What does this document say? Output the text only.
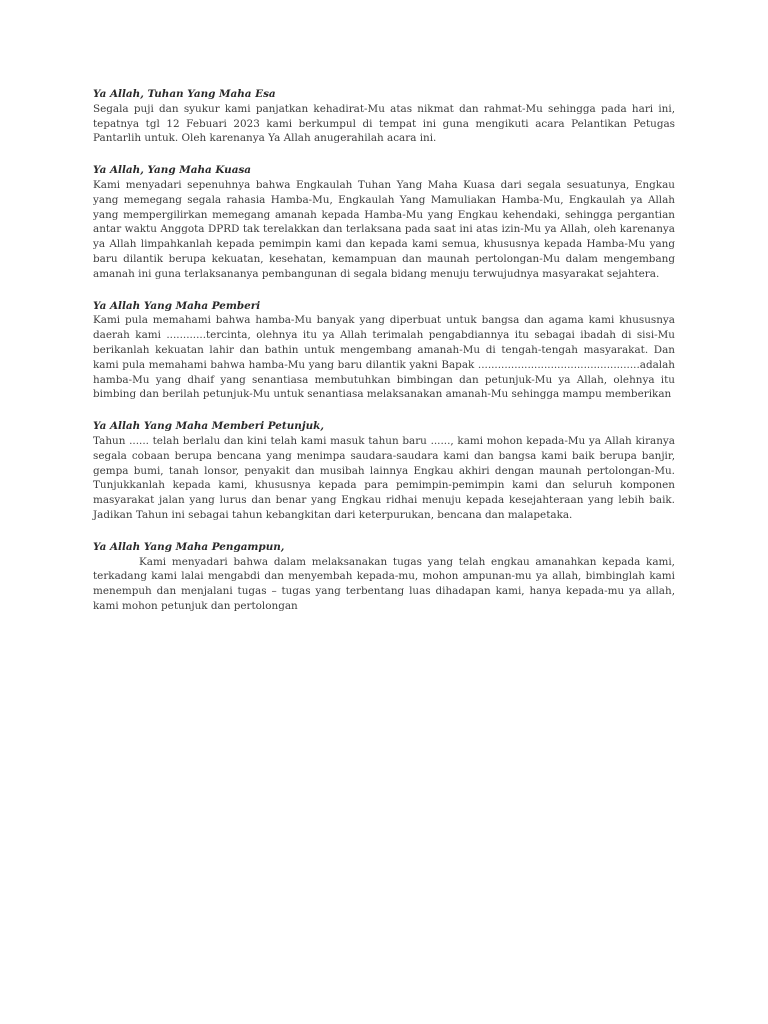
Ya Allah, Tuhan Yang Maha Esa

Segala puji dan syukur kami panjatkan kehadirat-Mu atas nikmat dan rahmat-Mu sehingga pada hari ini, tepatnya tgl 12 Febuari 2023 kami berkumpul di tempat ini guna mengikuti acara Pelantikan Petugas Pantarlih untuk. Oleh karenanya Ya Allah anugerahilah acara ini.

Ya Allah, Yang Maha Kuasa

Kami menyadari sepenuhnya bahwa Engkaulah Tuhan Yang Maha Kuasa dari segala sesuatunya, Engkau yang memegang segala rahasia Hamba-Mu, Engkaulah Yang Mamuliakan Hamba-Mu, Engkaulah ya Allah yang mempergilirkan memegang amanah kepada Hamba-Mu yang Engkau kehendaki, sehingga pergantian antar waktu Anggota DPRD tak terelakkan dan terlaksana pada saat ini atas izin-Mu ya Allah, oleh karenanya ya Allah limpahkanlah kepada pemimpin kami dan kepada kami semua, khususnya kepada Hamba-Mu yang baru dilantik berupa kekuatan, kesehatan, kemampuan dan maunah pertolongan-Mu dalam mengembang amanah ini guna terlaksananya pembangunan di segala bidang menuju terwujudnya masyarakat sejahtera.

Ya Allah Yang Maha Pemberi

Kami pula memahami bahwa hamba-Mu banyak yang diperbuat untuk bangsa dan agama kami khususnya daerah kami ............tercinta, olehnya itu ya Allah terimalah pengabdiannya itu sebagai ibadah di sisi-Mu berikanlah kekuatan lahir dan bathin untuk mengembang amanah-Mu di tengah-tengah masyarakat. Dan kami pula memahami bahwa hamba-Mu yang baru dilantik yakni Bapak .................................................adalah hamba-Mu yang dhaif yang senantiasa membutuhkan bimbingan dan petunjuk-Mu ya Allah, olehnya itu bimbing dan berilah petunjuk-Mu untuk senantiasa melaksanakan amanah-Mu sehingga mampu memberikan

Ya Allah Yang Maha Memberi Petunjuk,

Tahun ...... telah berlalu dan kini telah kami masuk tahun baru ......, kami mohon kepada-Mu ya Allah kiranya segala cobaan berupa bencana yang menimpa saudara-saudara kami dan bangsa kami baik berupa banjir, gempa bumi, tanah lonsor, penyakit dan musibah lainnya Engkau akhiri dengan maunah pertolongan-Mu. Tunjukkanlah kepada kami, khususnya kepada para pemimpin-pemimpin kami dan seluruh komponen masyarakat jalan yang lurus dan benar yang Engkau ridhai menuju kepada kesejahteraan yang lebih baik. Jadikan Tahun ini sebagai tahun kebangkitan dari keterpurukan, bencana dan malapetaka.

Ya Allah Yang Maha Pengampun,

Kami menyadari bahwa dalam melaksanakan tugas yang telah engkau amanahkan kepada kami, terkadang kami lalai mengabdi dan menyembah kepada-mu, mohon ampunan-mu ya allah, bimbinglah kami menempuh dan menjalani tugas – tugas yang terbentang luas dihadapan kami, hanya kepada-mu ya allah, kami mohon petunjuk dan pertolongan
